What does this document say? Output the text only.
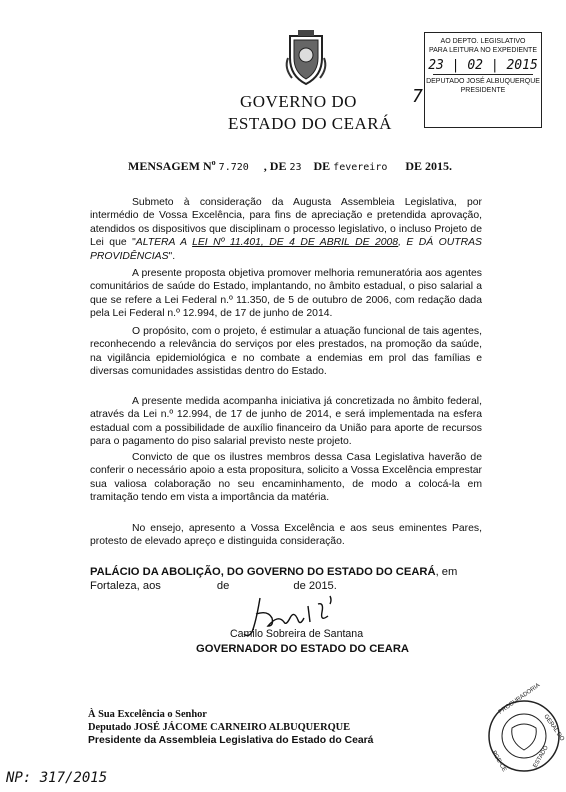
GOVERNO DO
ESTADO DO CEARÁ
AO DEPTO. LEGISLATIVO
PARA LEITURA NO EXPEDIENTE
23 | 02 | 2015
DEPUTADO JOSÉ ALBUQUERQUE
PRESIDENTE
7
MENSAGEM $N^o$ 7.720 , DE 23 DE fevereiro DE 2015.
Submeto à consideração da Augusta Assembleia Legislativa, por intermédio de Vossa Excelência, para fins de apreciação e pretendida aprovação, atendidos os dispositivos que disciplinam o processo legislativo, o incluso Projeto de Lei que "ALTERA A LEI Nº 11.401, DE 4 DE ABRIL DE 2008, E DÁ OUTRAS PROVIDÊNCIAS".
A presente proposta objetiva promover melhoria remuneratória aos agentes comunitários de saúde do Estado, implantando, no âmbito estadual, o piso salarial a que se refere a Lei Federal n.º 11.350, de 5 de outubro de 2006, com redação dada pela Lei Federal n.º 12.994, de 17 de junho de 2014.
O propósito, com o projeto, é estimular a atuação funcional de tais agentes, reconhecendo a relevância do serviços por eles prestados, na promoção da saúde, na vigilância epidemiológica e no combate a endemias em prol das famílias e diversas comunidades assistidas dentro do Estado.
A presente medida acompanha iniciativa já concretizada no âmbito federal, através da Lei n.º 12.994, de 17 de junho de 2014, e será implementada na esfera estadual com a possibilidade de auxílio financeiro da União para aporte de recursos para o pagamento do piso salarial previsto neste projeto.
Convicto de que os ilustres membros dessa Casa Legislativa haverão de conferir o necessário apoio a esta propositura, solicito a Vossa Excelência emprestar sua valiosa colaboração no seu encaminhamento, de modo a colocá-la em tramitação tendo em vista a importância da matéria.
No ensejo, apresento a Vossa Excelência e aos seus eminentes Pares, protesto de elevado apreço e distinguida consideração.
PALÁCIO DA ABOLIÇÃO, DO GOVERNO DO ESTADO DO CEARÁ, em
Fortaleza, aos	de	de 2015.
Camilo Sobreira de Santana
GOVERNADOR DO ESTADO DO CEARA
À Sua Excelência o Senhor
Deputado JOSÉ JÁCOME CARNEIRO ALBUQUERQUE
Presidente da Assembleia Legislativa do Estado do Ceará
PROCURADORIA
GERAL DO
ESTADO
PGE-CE
NP: 317/2015
